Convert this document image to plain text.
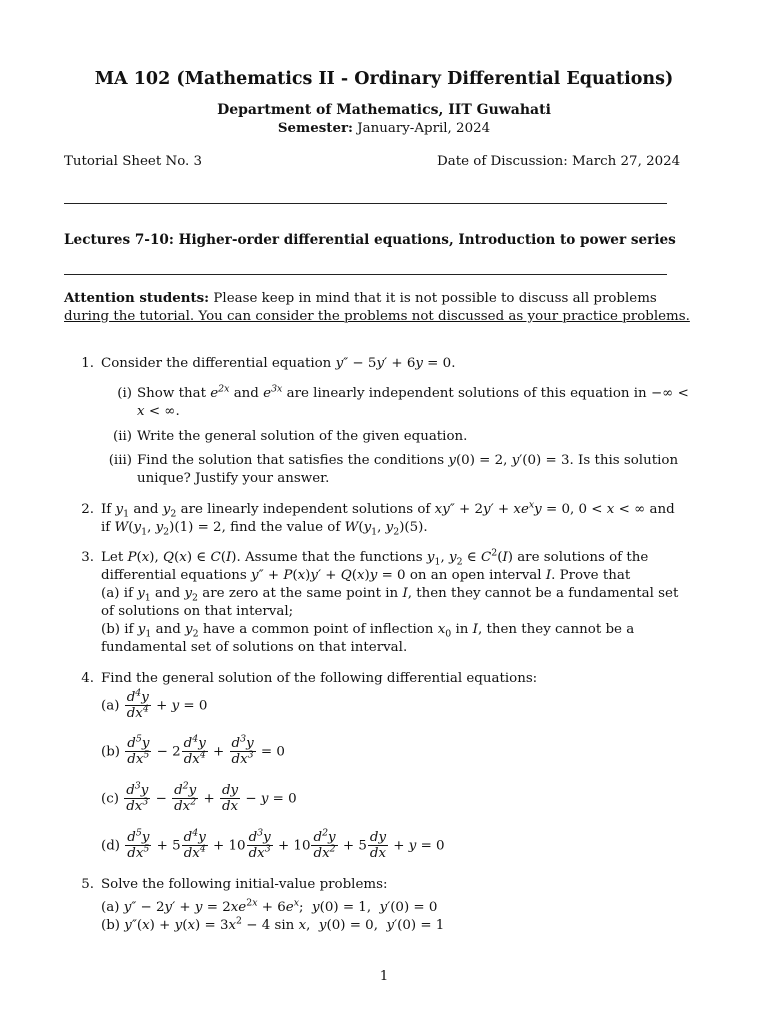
MA 102 (Mathematics II - Ordinary Differential Equations)
Department of Mathematics, IIT Guwahati
Semester: January-April, 2024
Tutorial Sheet No. 3	Date of Discussion: March 27, 2024
Lectures 7-10: Higher-order differential equations, Introduction to power series
Attention students: Please keep in mind that it is not possible to discuss all problems
during the tutorial. You can consider the problems not discussed as your practice problems.
1. Consider the differential equation y″ − 5y′ + 6y = 0.
(i) Show that $e^{2x}$ and $e^{3x}$ are linearly independent solutions of this equation in −∞ <
x < ∞.
(ii) Write the general solution of the given equation.
(iii) Find the solution that satisfies the conditions y(0) = 2, y′(0) = 3. Is this solution
unique? Justify your answer.
2. If $y_1$ and $y_2$ are linearly independent solutions of $xy'' + 2y' + xe^xy = 0$, 0 < x < ∞ and
if $W(y_1$, $y_2)(1) = 2$, find the value of $W(y_1$, $y_2)(5)$.
3. Let P(x), Q(x) ∈ C(I). Assume that the functions $y_1$, $y_2$ ∈ $C^2(I)$ are solutions of the
differential equations y″ + P(x)y′ + Q(x)y = 0 on an open interval I. Prove that
(a) if $y_1$ and $y_2$ are zero at the same point in I, then they cannot be a fundamental set
of solutions on that interval;
(b) if $y_1$ and $y_2$ have a common point of inflection $x_0$ in I, then they cannot be a
fundamental set of solutions on that interval.
4. Find the general solution of the following differential equations:
$(a) \frac{d^4y}{dx^4} + y = 0$
$(b) \frac{d^5y}{dx^5} - 2 \frac{d^4y}{dx^4} + \frac{d^3y}{dx^3} = 0$
$(c) \frac{d^3y}{dx^3} - \frac{d^2y}{dx^2} + \frac{dy}{dx} - y = 0$
$(d) \frac{d^5y}{dx^5} + 5 \frac{d^4y}{dx^4} + 10 \frac{d^3y}{dx^3} + 10 \frac{d^2y}{dx^2} + 5 \frac{dy}{dx} + y = 0$
5. Solve the following initial-value problems:
(a) $y'' - 2y' + y = 2xe^{2x} + 6e^x$;  y(0) = 1,  y′(0) = 0
(b) $y''(x) + y(x) = 3x^2 - 4$ sin x,  y(0) = 0,  y′(0) = 1
1
